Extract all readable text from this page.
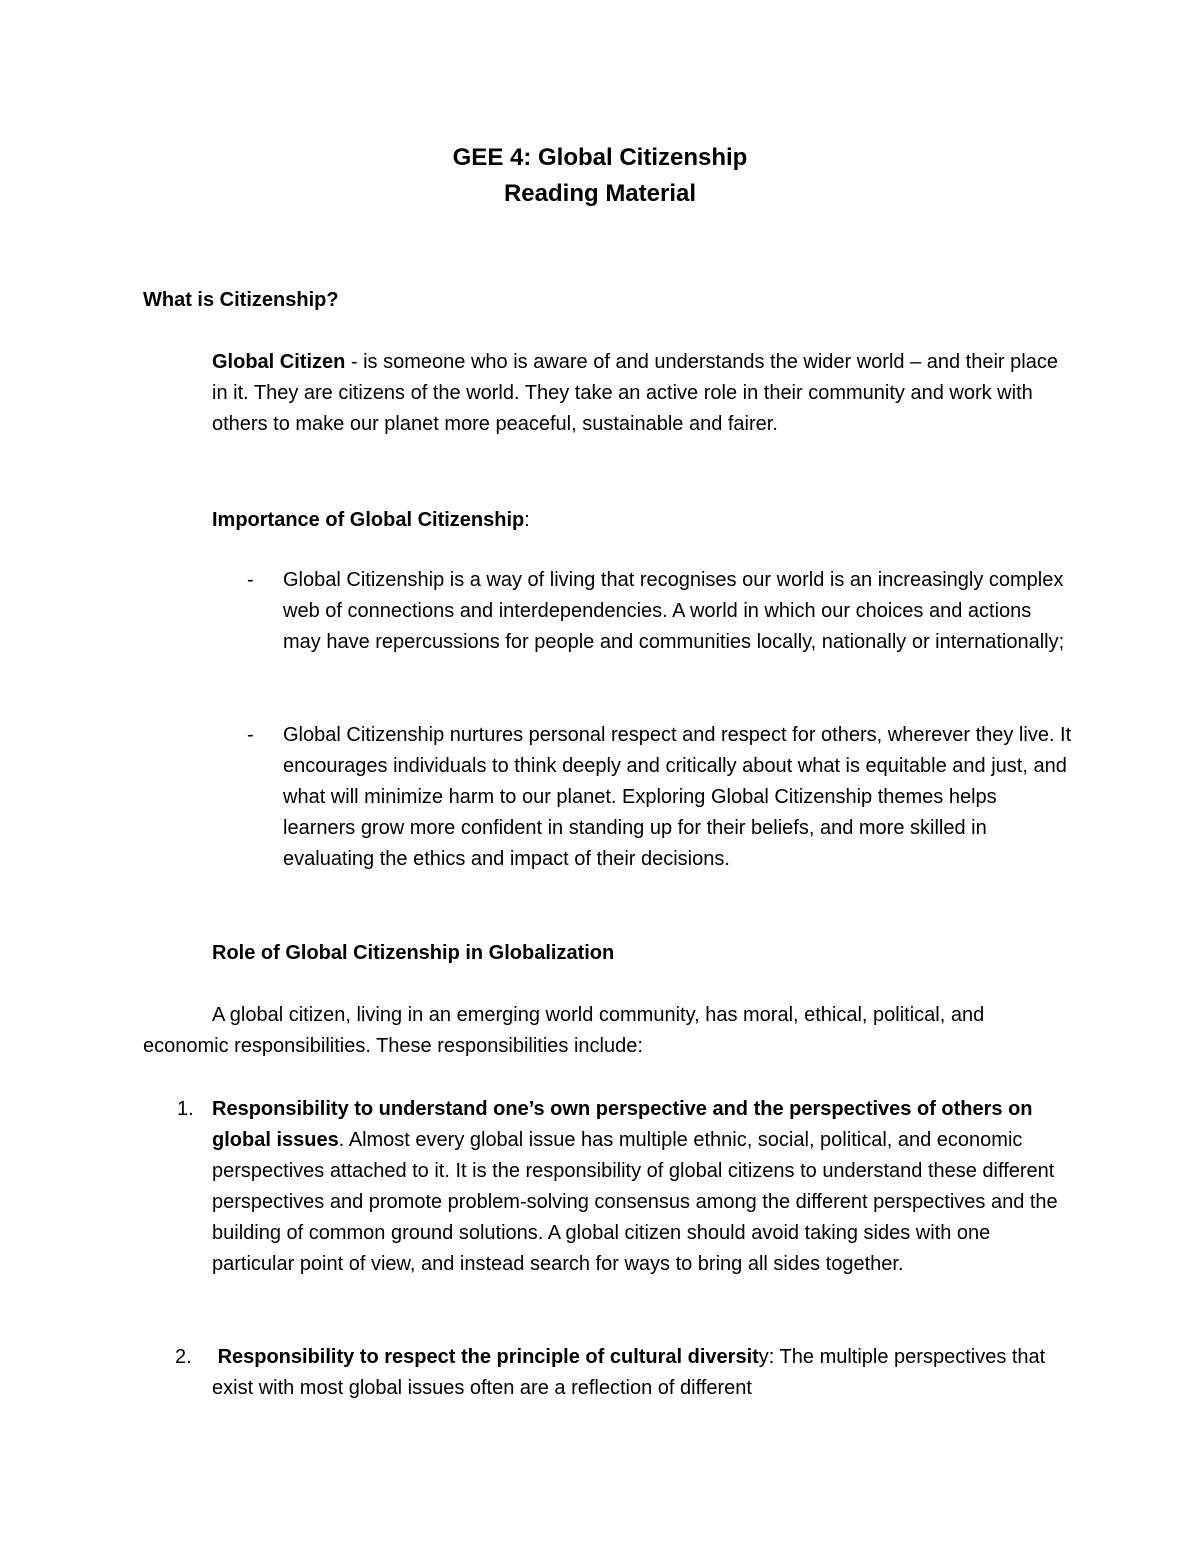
GEE 4: Global Citizenship
Reading Material
What is Citizenship?
Global Citizen - is someone who is aware of and understands the wider world – and their place in it. They are citizens of the world. They take an active role in their community and work with others to make our planet more peaceful, sustainable and fairer.
Importance of Global Citizenship:
- Global Citizenship is a way of living that recognises our world is an increasingly complex web of connections and interdependencies. A world in which our choices and actions may have repercussions for people and communities locally, nationally or internationally;
- Global Citizenship nurtures personal respect and respect for others, wherever they live. It encourages individuals to think deeply and critically about what is equitable and just, and what will minimize harm to our planet. Exploring Global Citizenship themes helps learners grow more confident in standing up for their beliefs, and more skilled in evaluating the ethics and impact of their decisions.
Role of Global Citizenship in Globalization
A global citizen, living in an emerging world community, has moral, ethical, political, and economic responsibilities. These responsibilities include:
1. Responsibility to understand one’s own perspective and the perspectives of others on global issues. Almost every global issue has multiple ethnic, social, political, and economic perspectives attached to it. It is the responsibility of global citizens to understand these different perspectives and promote problem-solving consensus among the different perspectives and the building of common ground solutions. A global citizen should avoid taking sides with one particular point of view, and instead search for ways to bring all sides together.
2. Responsibility to respect the principle of cultural diversity: The multiple perspectives that exist with most global issues often are a reflection of different
